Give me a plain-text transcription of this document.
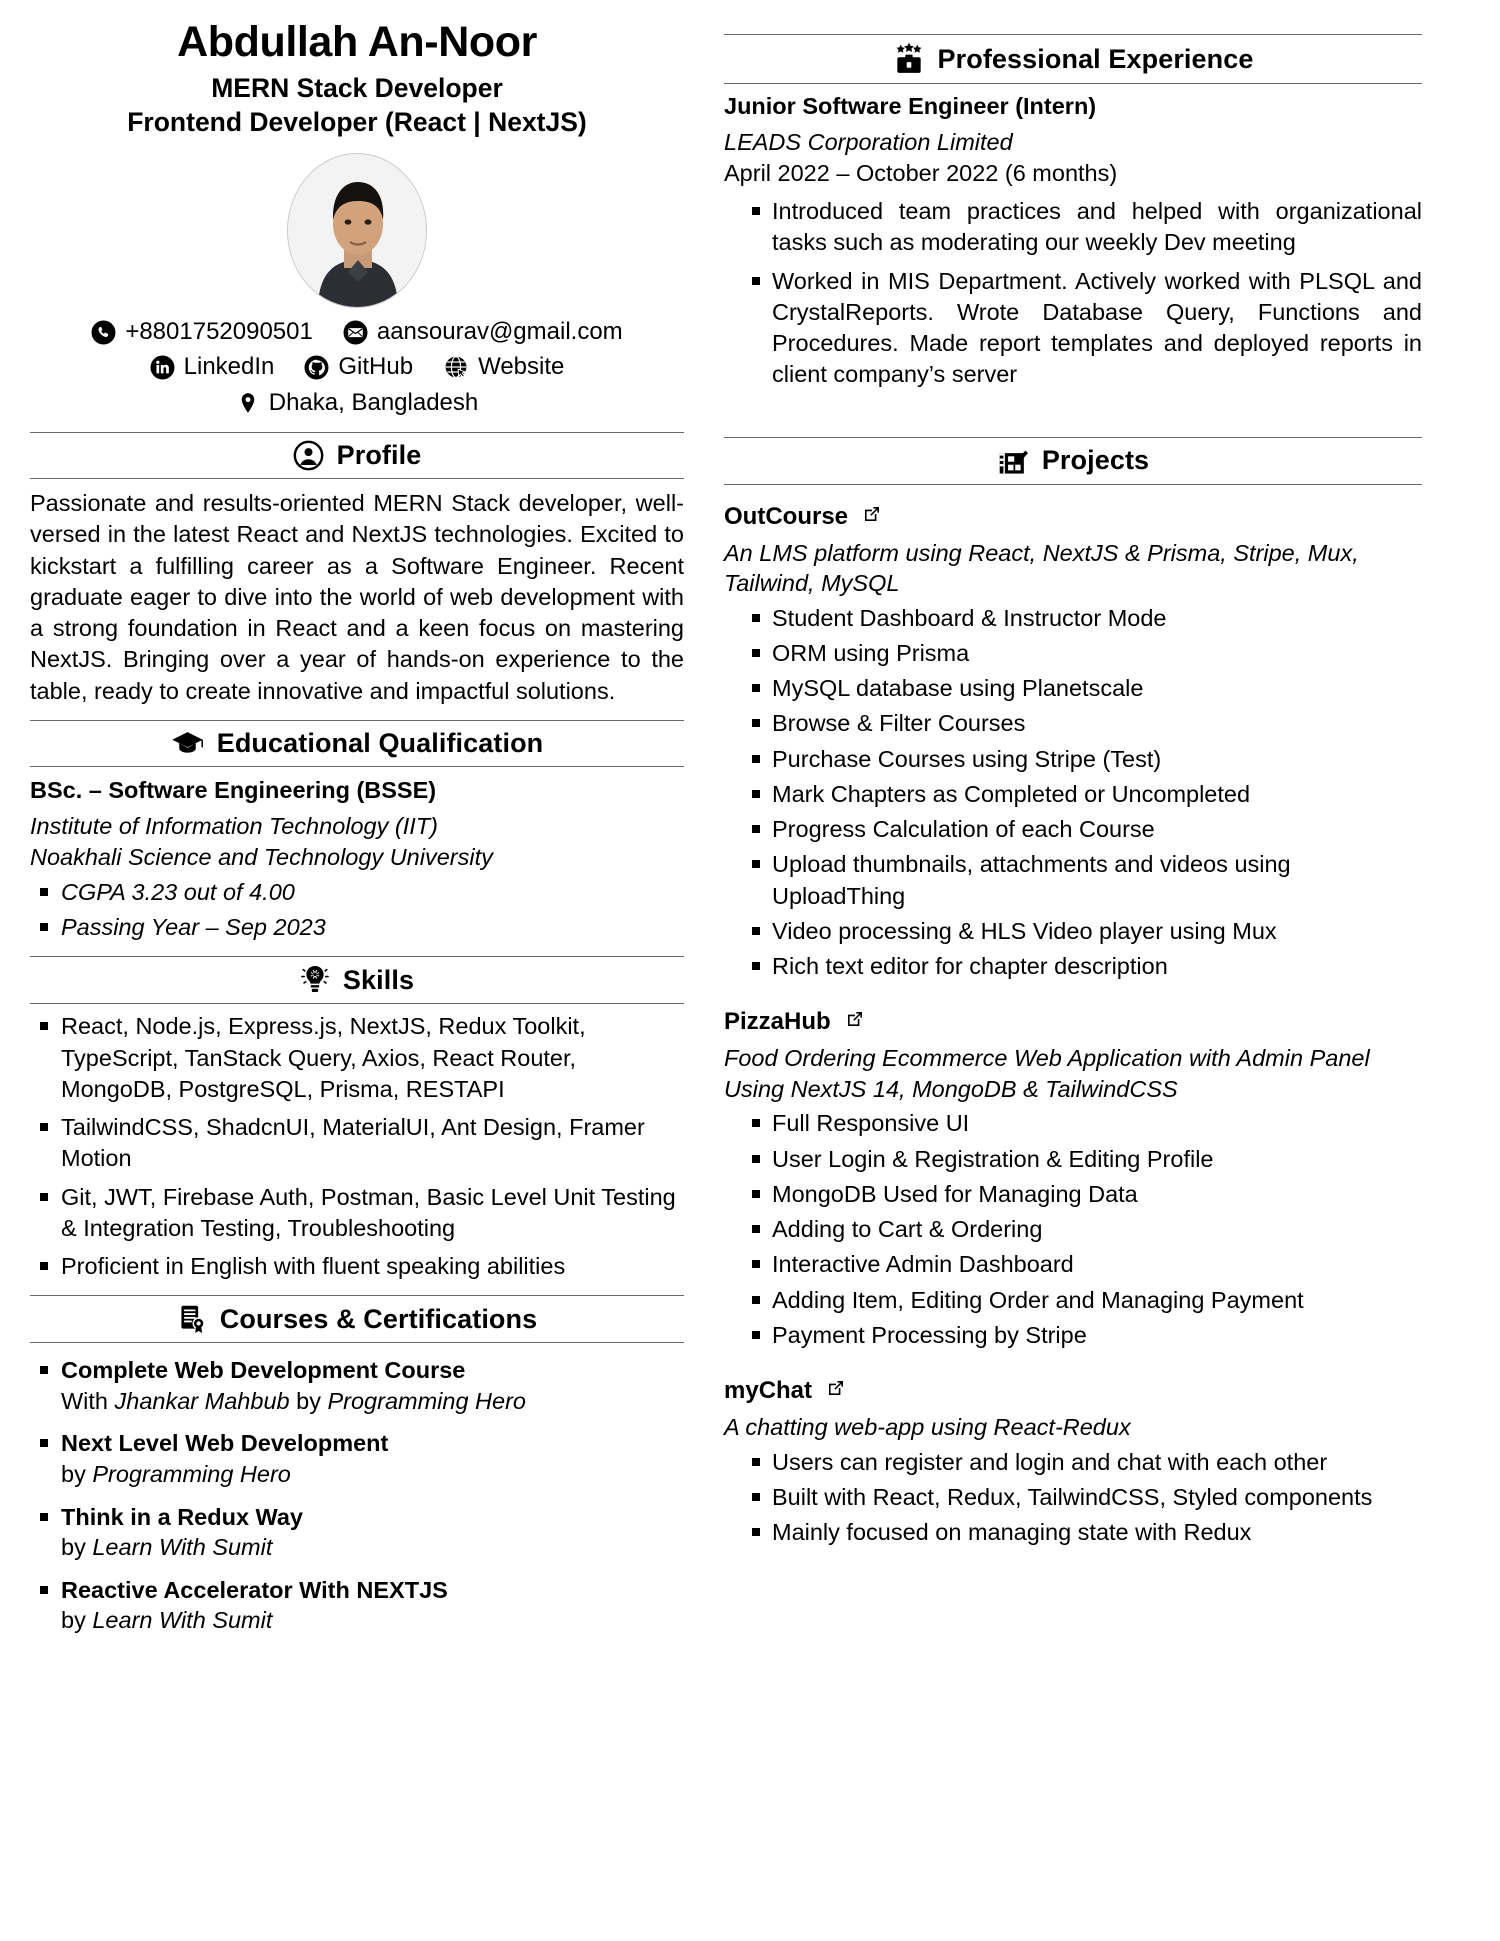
Abdullah An-Noor
MERN Stack Developer
Frontend Developer (React | NextJS)
+8801752090501	aansourav@gmail.com
LinkedIn	GitHub	Website
Dhaka, Bangladesh
Profile
Passionate and results-oriented MERN Stack developer, well-versed in the latest React and NextJS technologies. Excited to kickstart a fulfilling career as a Software Engineer. Recent graduate eager to dive into the world of web development with a strong foundation in React and a keen focus on mastering NextJS. Bringing over a year of hands-on experience to the table, ready to create innovative and impactful solutions.
Educational Qualification
BSc. – Software Engineering (BSSE)
Institute of Information Technology (IIT)
Noakhali Science and Technology University
CGPA 3.23 out of 4.00
Passing Year – Sep 2023
Skills
React, Node.js, Express.js, NextJS, Redux Toolkit, TypeScript, TanStack Query, Axios, React Router, MongoDB, PostgreSQL, Prisma, RESTAPI
TailwindCSS, ShadcnUI, MaterialUI, Ant Design, Framer Motion
Git, JWT, Firebase Auth, Postman, Basic Level Unit Testing & Integration Testing, Troubleshooting
Proficient in English with fluent speaking abilities
Courses & Certifications
Complete Web Development Course
With Jhankar Mahbub by Programming Hero
Next Level Web Development
by Programming Hero
Think in a Redux Way
by Learn With Sumit
Reactive Accelerator With NEXTJS
by Learn With Sumit
Professional Experience
Junior Software Engineer (Intern)
LEADS Corporation Limited
April 2022 – October 2022 (6 months)
Introduced team practices and helped with organizational tasks such as moderating our weekly Dev meeting
Worked in MIS Department. Actively worked with PLSQL and CrystalReports. Wrote Database Query, Functions and Procedures. Made report templates and deployed reports in client company’s server
Projects
OutCourse
An LMS platform using React, NextJS & Prisma, Stripe, Mux, Tailwind, MySQL
Student Dashboard & Instructor Mode
ORM using Prisma
MySQL database using Planetscale
Browse & Filter Courses
Purchase Courses using Stripe (Test)
Mark Chapters as Completed or Uncompleted
Progress Calculation of each Course
Upload thumbnails, attachments and videos using UploadThing
Video processing & HLS Video player using Mux
Rich text editor for chapter description
PizzaHub
Food Ordering Ecommerce Web Application with Admin Panel Using NextJS 14, MongoDB & TailwindCSS
Full Responsive UI
User Login & Registration & Editing Profile
MongoDB Used for Managing Data
Adding to Cart & Ordering
Interactive Admin Dashboard
Adding Item, Editing Order and Managing Payment
Payment Processing by Stripe
myChat
A chatting web-app using React-Redux
Users can register and login and chat with each other
Built with React, Redux, TailwindCSS, Styled components
Mainly focused on managing state with Redux
